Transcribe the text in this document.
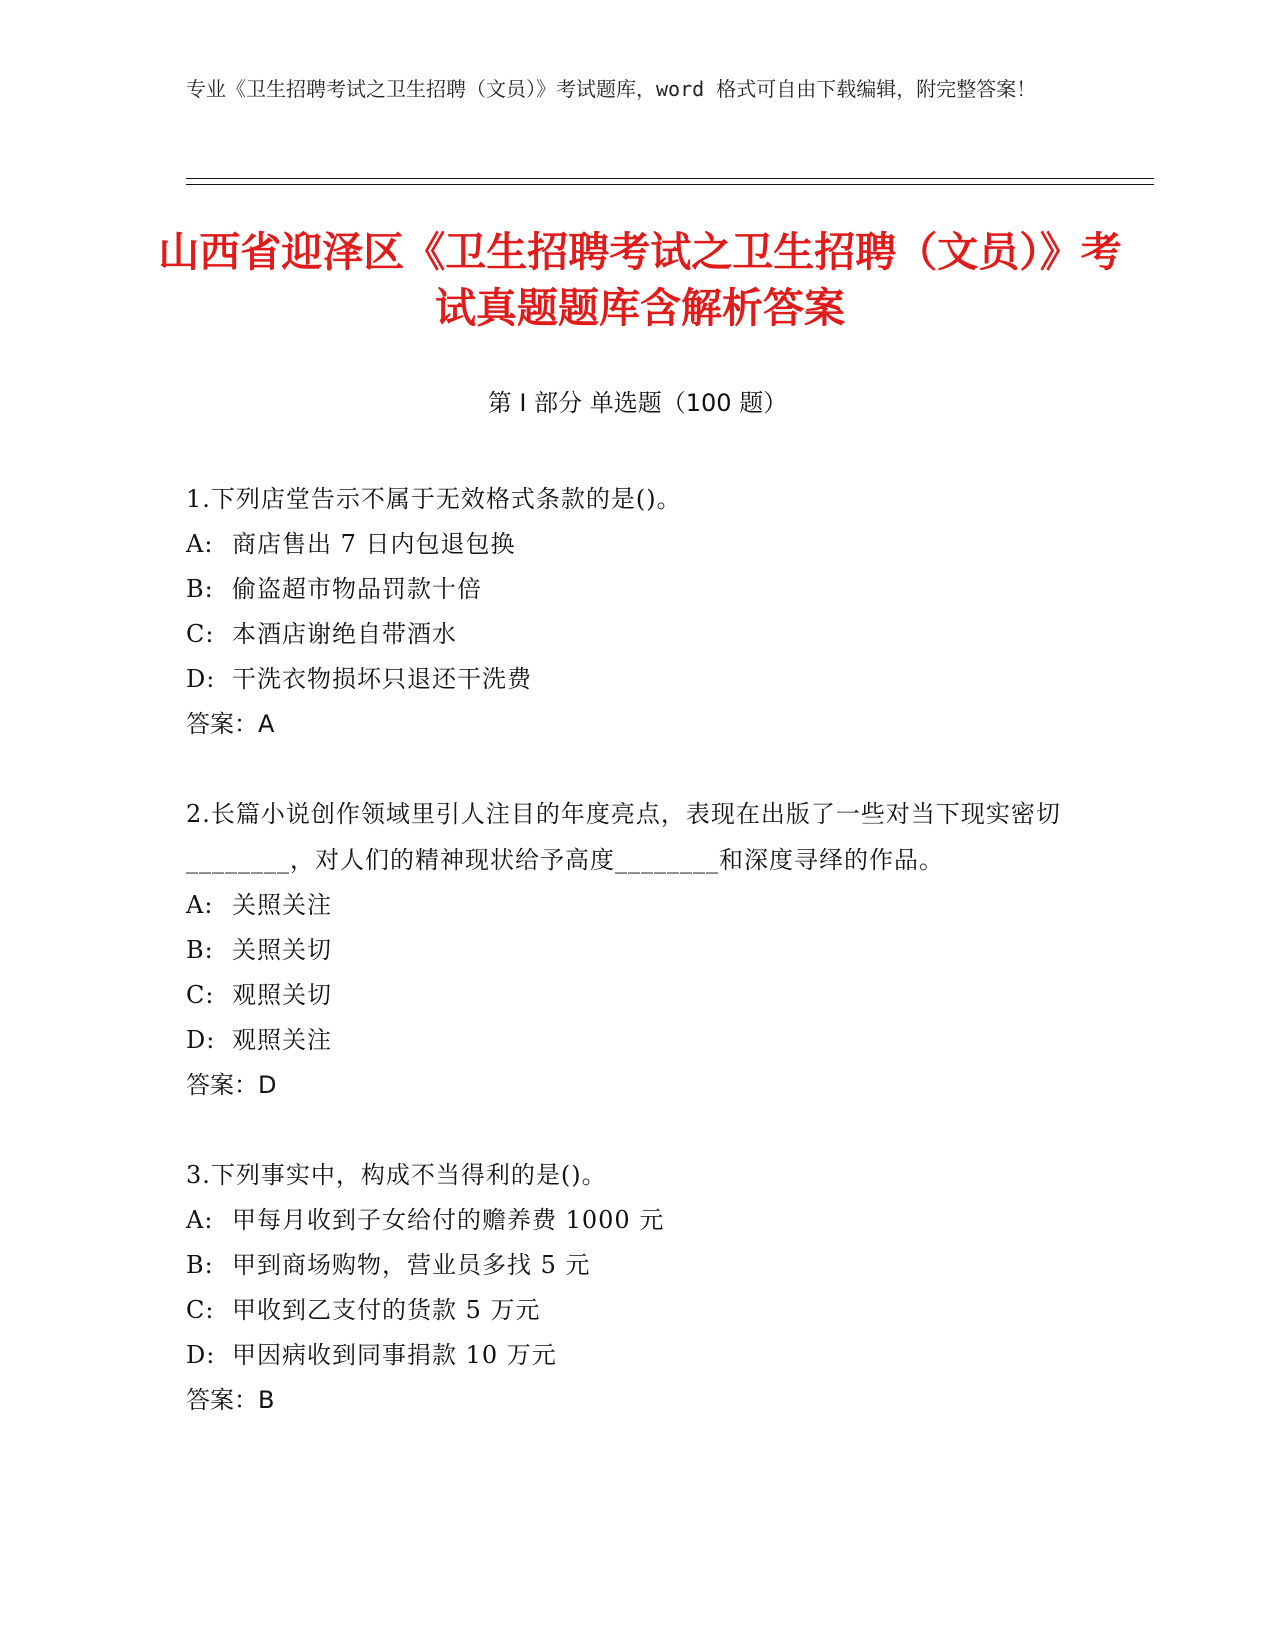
专业《卫生招聘考试之卫生招聘（文员）》考试题库，word 格式可自由下载编辑，附完整答案！
山西省迎泽区《卫生招聘考试之卫生招聘（文员）》考试真题题库含解析答案
第 I 部分 单选题（100 题）
1.下列店堂告示不属于无效格式条款的是()。
A: 商店售出 7 日内包退包换
B: 偷盗超市物品罚款十倍
C: 本酒店谢绝自带酒水
D: 干洗衣物损坏只退还干洗费
答案：A
2.长篇小说创作领域里引人注目的年度亮点，表现在出版了一些对当下现实密切________，对人们的精神现状给予高度________和深度寻绎的作品。
A: 关照关注
B: 关照关切
C: 观照关切
D: 观照关注
答案：D
3.下列事实中，构成不当得利的是()。
A: 甲每月收到子女给付的赡养费 1000 元
B: 甲到商场购物，营业员多找 5 元
C: 甲收到乙支付的货款 5 万元
D: 甲因病收到同事捐款 10 万元
答案：B
